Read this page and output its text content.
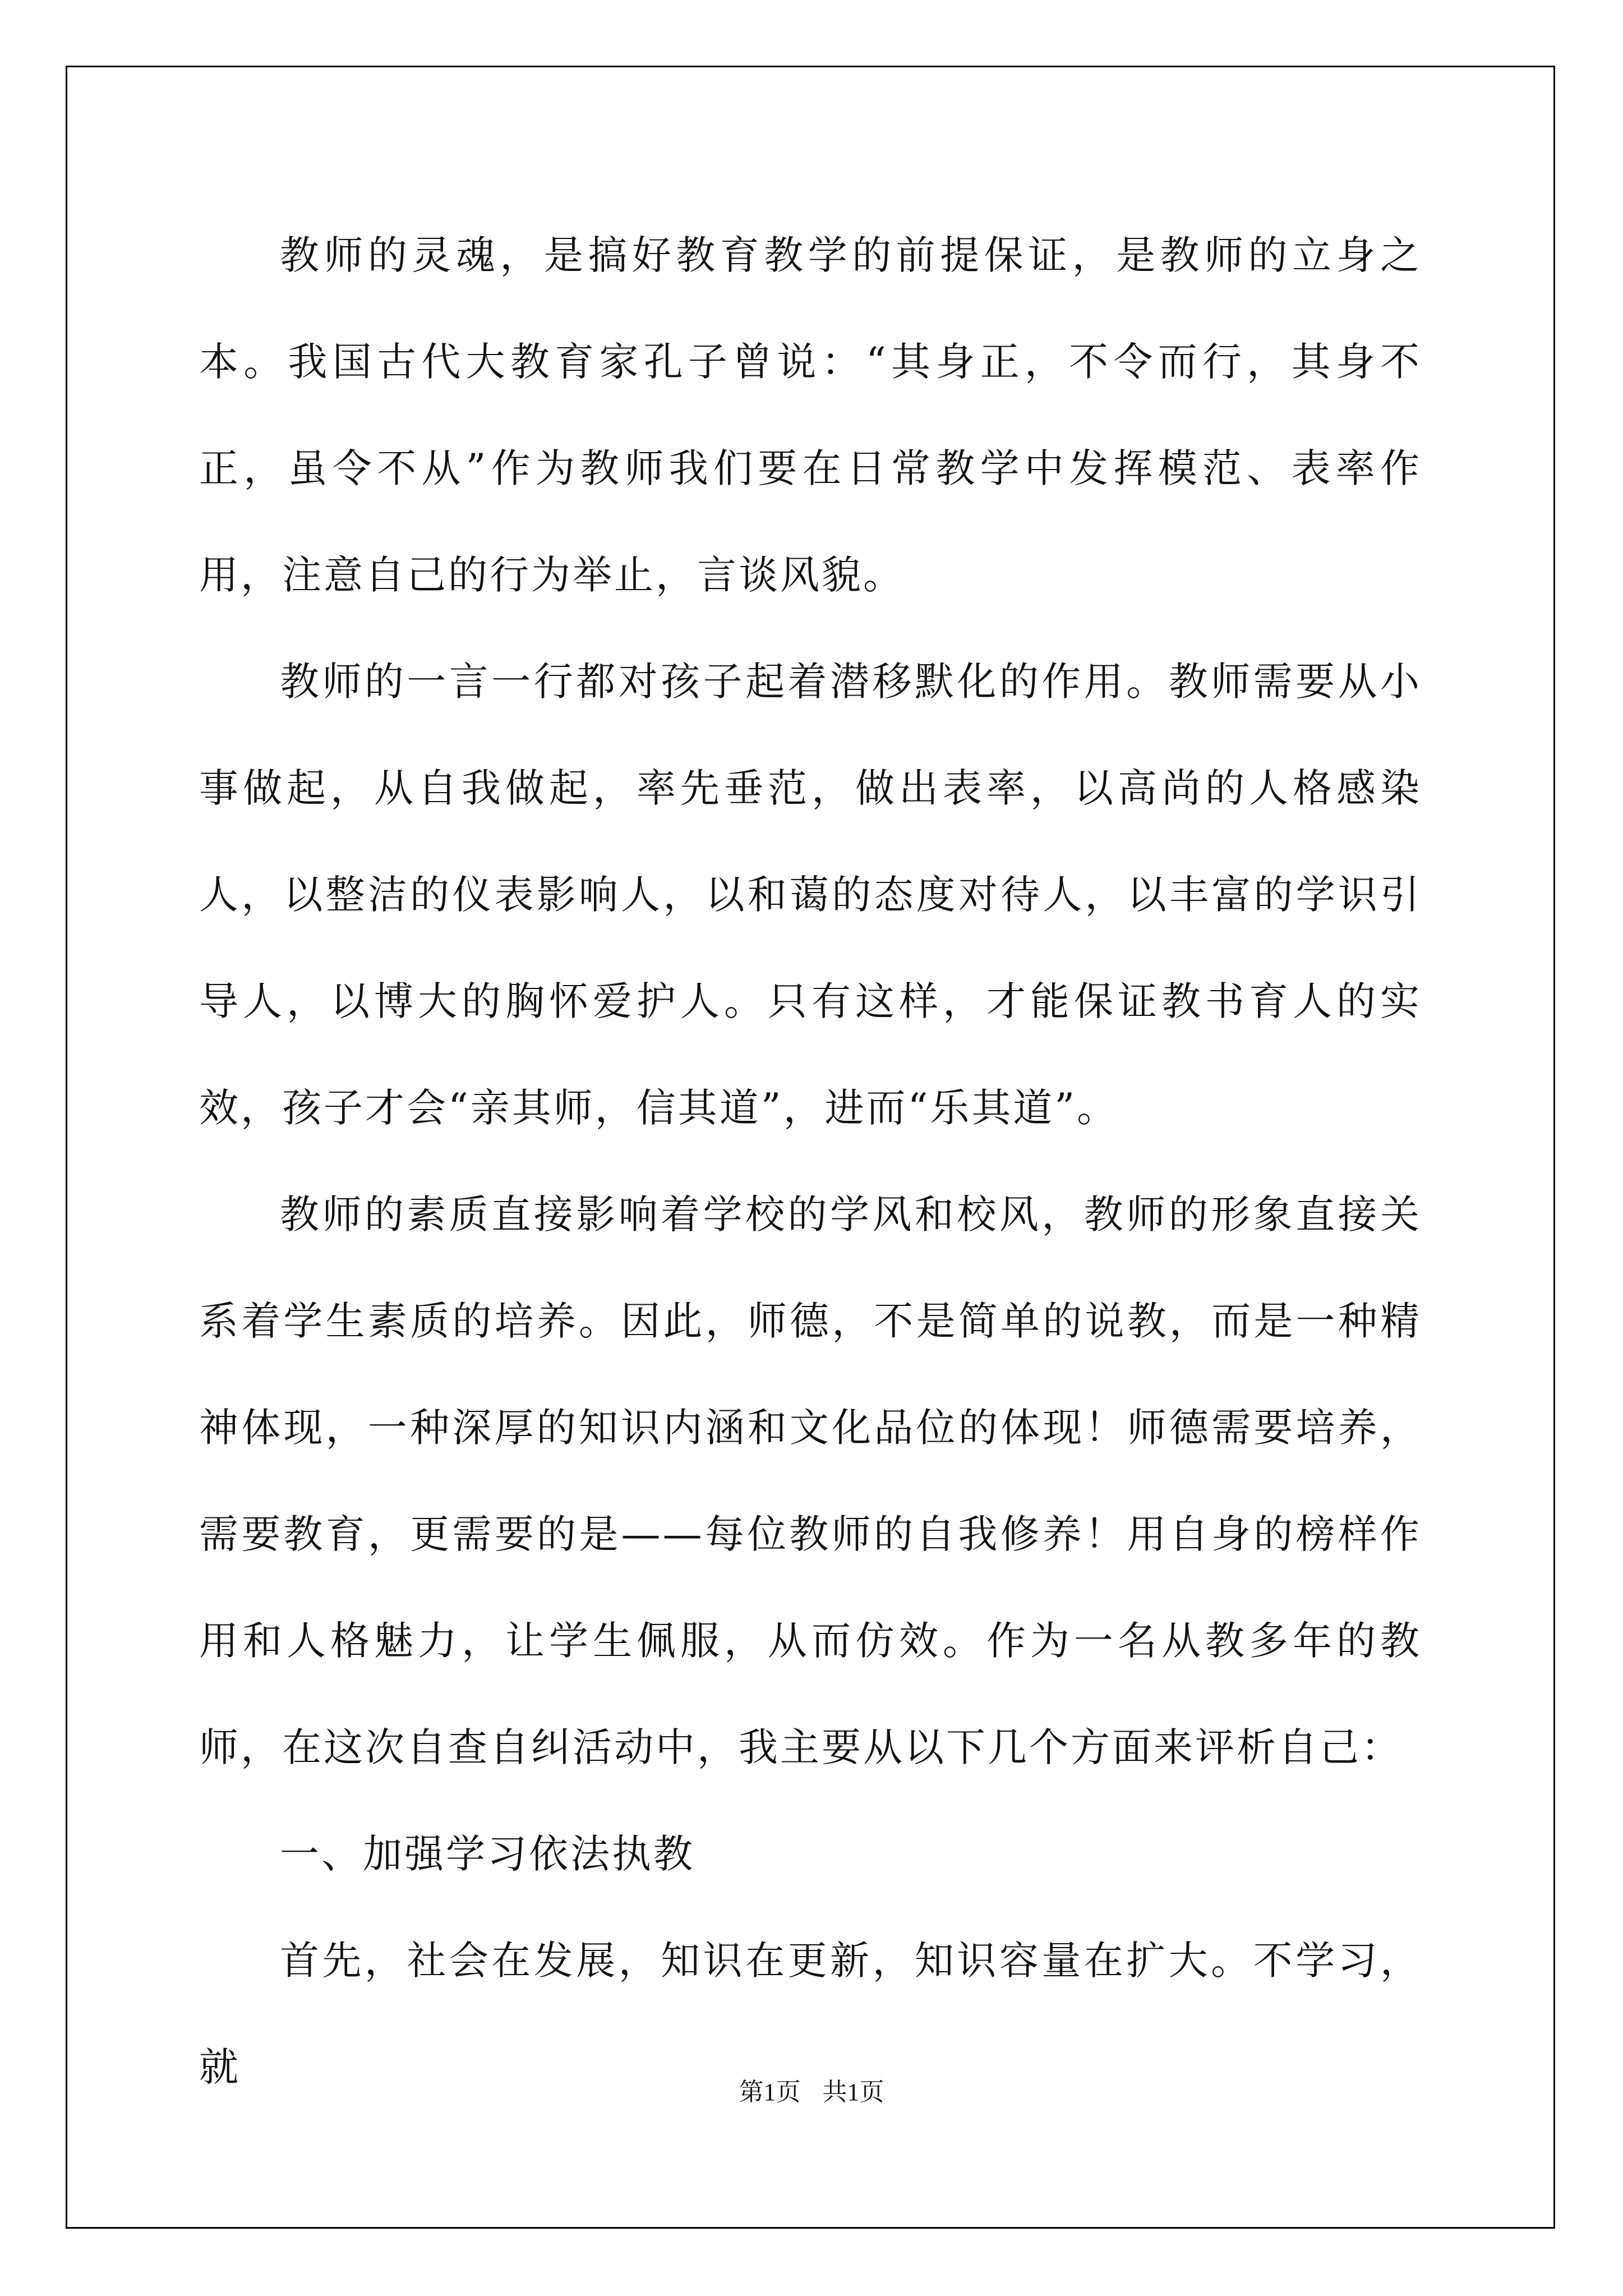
教师的灵魂，是搞好教育教学的前提保证，是教师的立身之本。我国古代大教育家孔子曾说：“其身正，不令而行，其身不正，虽令不从”作为教师我们要在日常教学中发挥模范、表率作用，注意自己的行为举止，言谈风貌。

教师的一言一行都对孩子起着潜移默化的作用。教师需要从小事做起，从自我做起，率先垂范，做出表率，以高尚的人格感染人，以整洁的仪表影响人，以和蔼的态度对待人，以丰富的学识引导人，以博大的胸怀爱护人。只有这样，才能保证教书育人的实效，孩子才会“亲其师，信其道”，进而“乐其道”。

教师的素质直接影响着学校的学风和校风，教师的形象直接关系着学生素质的培养。因此，师德，不是简单的说教，而是一种精神体现，一种深厚的知识内涵和文化品位的体现！师德需要培养，需要教育，更需要的是——每位教师的自我修养！用自身的榜样作用和人格魅力，让学生佩服，从而仿效。作为一名从教多年的教师，在这次自查自纠活动中，我主要从以下几个方面来评析自己：

一、加强学习依法执教

首先，社会在发展，知识在更新，知识容量在扩大。不学习，就

第1页 共1页
